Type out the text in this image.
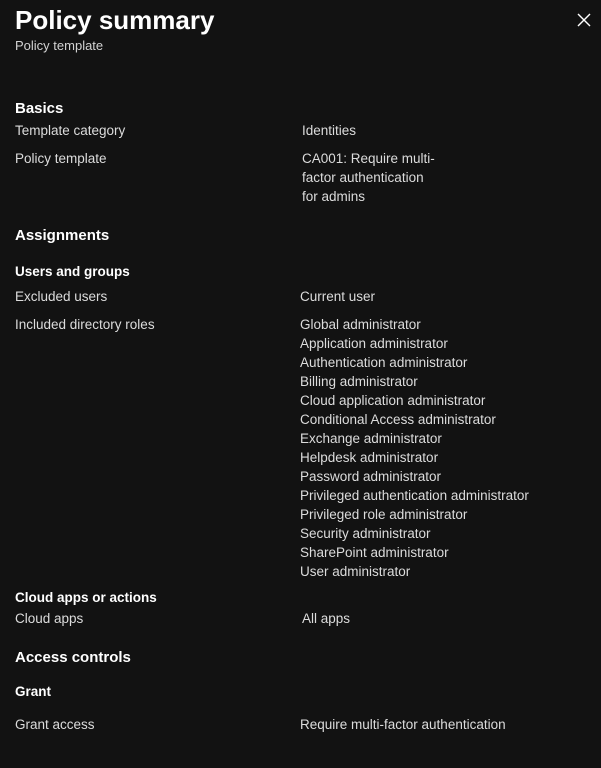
Policy summary
Policy template
Basics
Template category	Identities
Policy template	CA001: Require multi-
factor authentication
for admins
Assignments
Users and groups
Excluded users	Current user
Included directory roles	Global administrator
Application administrator
Authentication administrator
Billing administrator
Cloud application administrator
Conditional Access administrator
Exchange administrator
Helpdesk administrator
Password administrator
Privileged authentication administrator
Privileged role administrator
Security administrator
SharePoint administrator
User administrator
Cloud apps or actions
Cloud apps	All apps
Access controls
Grant
Grant access	Require multi-factor authentication
